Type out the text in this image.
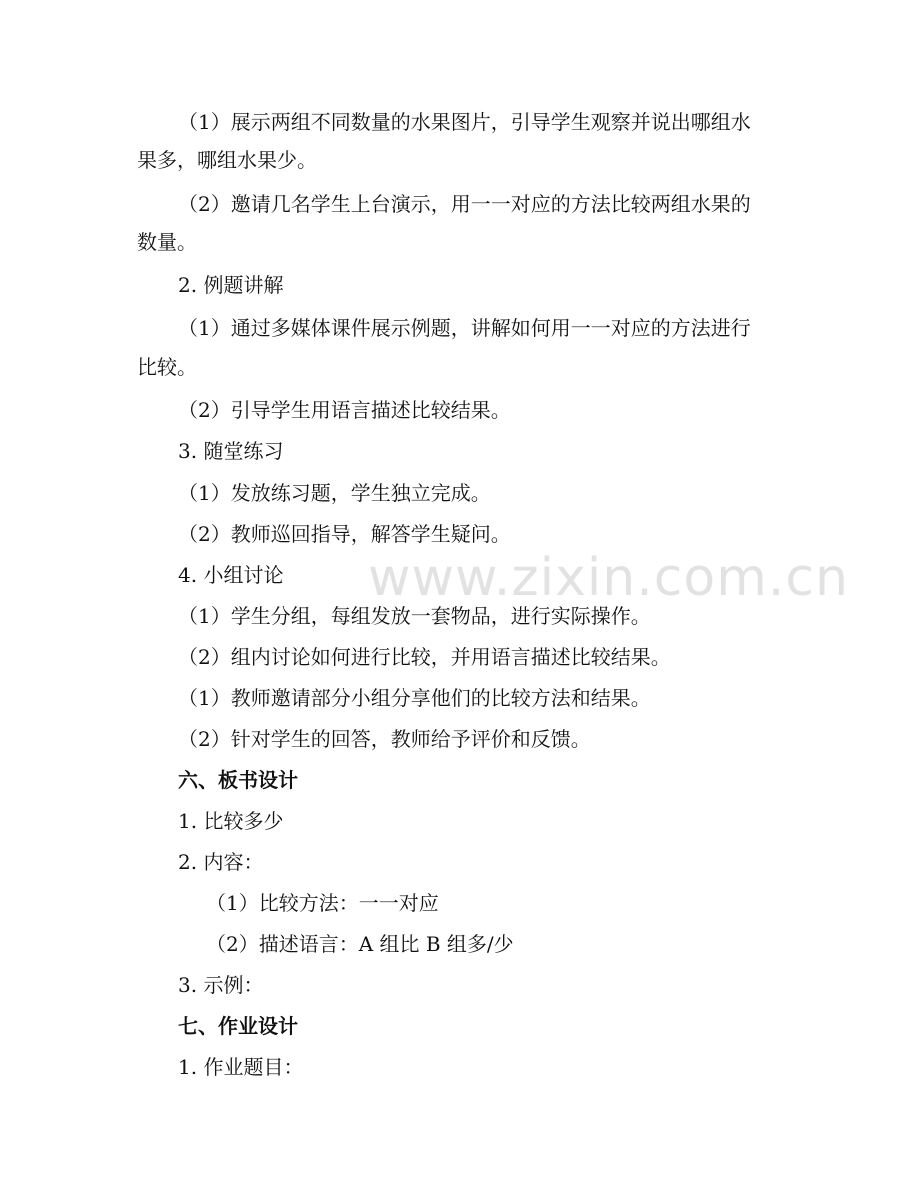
（1）展示两组不同数量的水果图片，引导学生观察并说出哪组水
果多，哪组水果少。
（2）邀请几名学生上台演示，用一一对应的方法比较两组水果的
数量。
2. 例题讲解
（1）通过多媒体课件展示例题，讲解如何用一一对应的方法进行
比较。
（2）引导学生用语言描述比较结果。
3. 随堂练习
（1）发放练习题，学生独立完成。
（2）教师巡回指导，解答学生疑问。
4. 小组讨论
（1）学生分组，每组发放一套物品，进行实际操作。
（2）组内讨论如何进行比较，并用语言描述比较结果。
（1）教师邀请部分小组分享他们的比较方法和结果。
（2）针对学生的回答，教师给予评价和反馈。
六、板书设计
1. 比较多少
2. 内容：
（1）比较方法：一一对应
（2）描述语言：A 组比 B 组多/少
3. 示例：
七、作业设计
1. 作业题目：
www.zixin.com.cn
